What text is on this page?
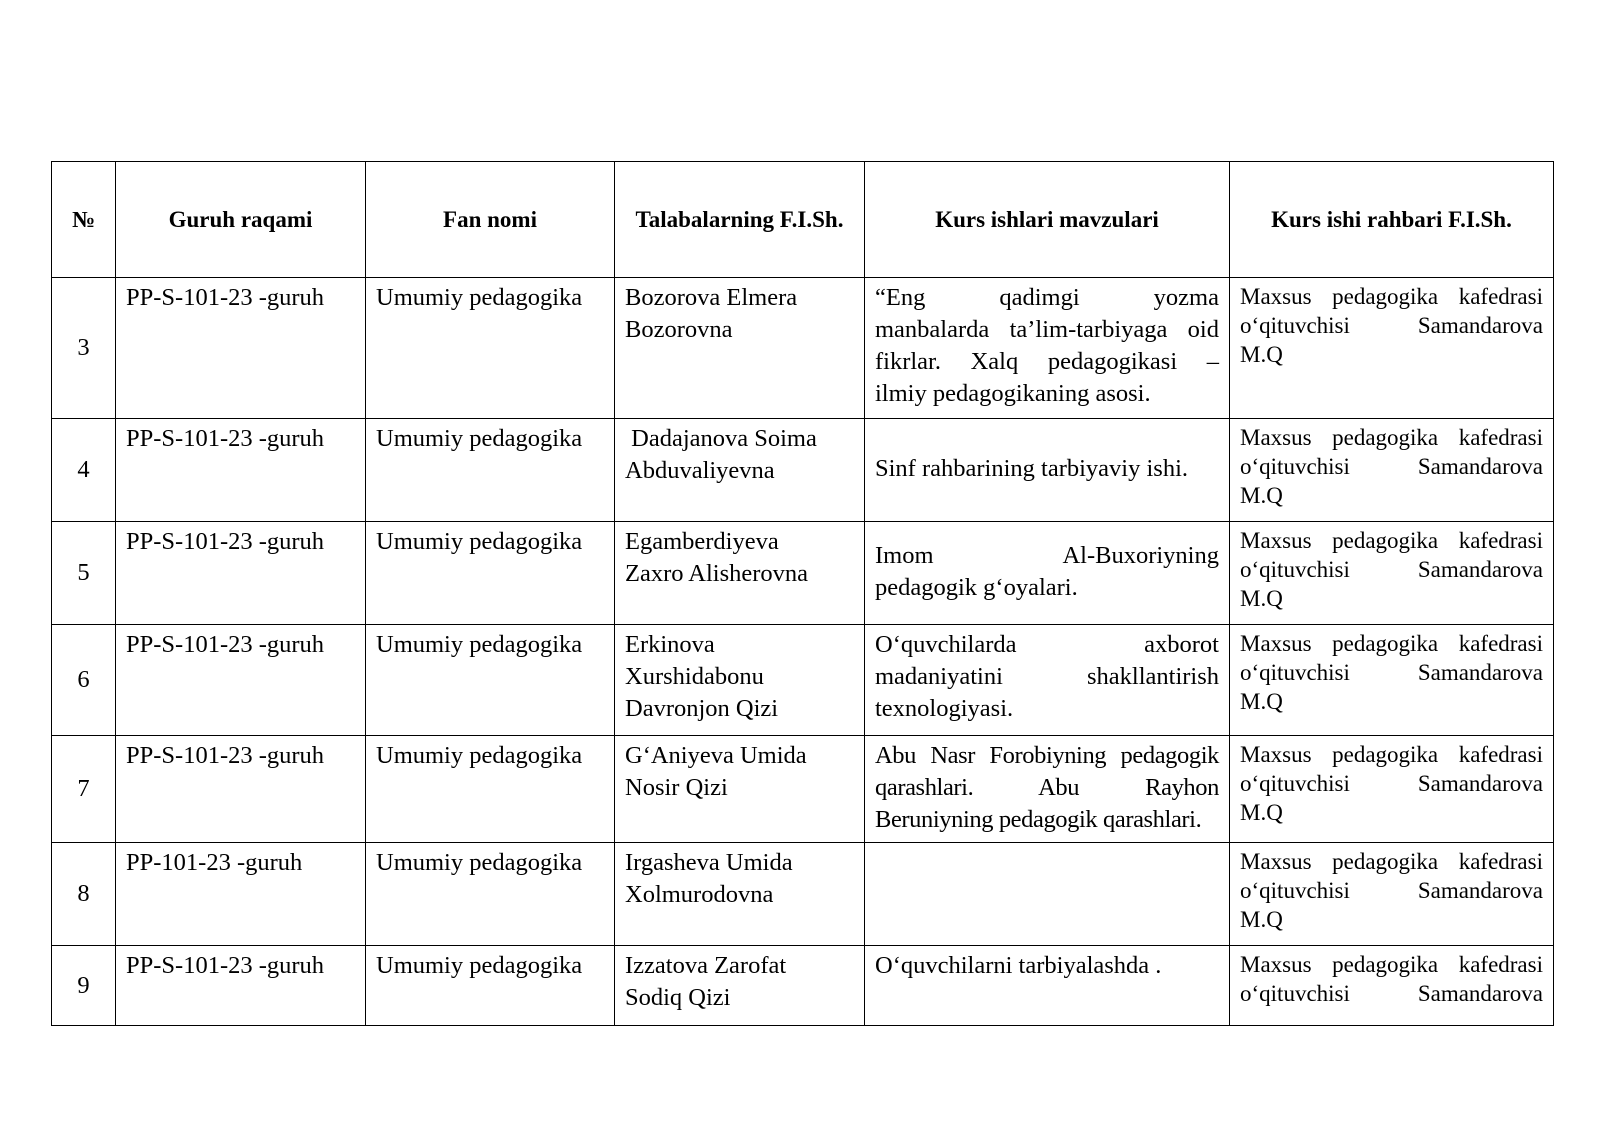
№	Guruh raqami	Fan nomi	Talabalarning F.I.Sh.	Kurs ishlari mavzulari	Kurs ishi rahbari F.I.Sh.

3	PP-S-101-23 -guruh	Umumiy pedagogika	Bozorova Elmera
Bozorovna	“Eng qadimgi yozma
manbalarda ta’lim-tarbiyaga oid
fikrlar. Xalq pedagogikasi –
ilmiy pedagogikaning asosi.	Maxsus pedagogika kafedrasi
o‘qituvchisi Samandarova
M.Q

4	PP-S-101-23 -guruh	Umumiy pedagogika	Dadajanova Soima
Abduvaliyevna	Sinf rahbarining tarbiyaviy ishi.	Maxsus pedagogika kafedrasi
o‘qituvchisi Samandarova
M.Q

5	PP-S-101-23 -guruh	Umumiy pedagogika	Egamberdiyeva
Zaxro Alisherovna	Imom Al-Buxoriyning
pedagogik g‘oyalari.	Maxsus pedagogika kafedrasi
o‘qituvchisi Samandarova
M.Q

6	PP-S-101-23 -guruh	Umumiy pedagogika	Erkinova
Xurshidabonu
Davronjon Qizi	O‘quvchilarda axborot
madaniyatini shakllantirish
texnologiyasi.	Maxsus pedagogika kafedrasi
o‘qituvchisi Samandarova
M.Q

7	PP-S-101-23 -guruh	Umumiy pedagogika	G‘Aniyeva Umida
Nosir Qizi	Abu Nasr Forobiyning pedagogik
qarashlari. Abu Rayhon
Beruniyning pedagogik qarashlari.	Maxsus pedagogika kafedrasi
o‘qituvchisi Samandarova
M.Q

8	PP-101-23 -guruh	Umumiy pedagogika	Irgasheva Umida
Xolmurodovna		Maxsus pedagogika kafedrasi
o‘qituvchisi Samandarova
M.Q

9	PP-S-101-23 -guruh	Umumiy pedagogika	Izzatova Zarofat
Sodiq Qizi	O‘quvchilarni tarbiyalashda .	Maxsus pedagogika kafedrasi
o‘qituvchisi Samandarova
